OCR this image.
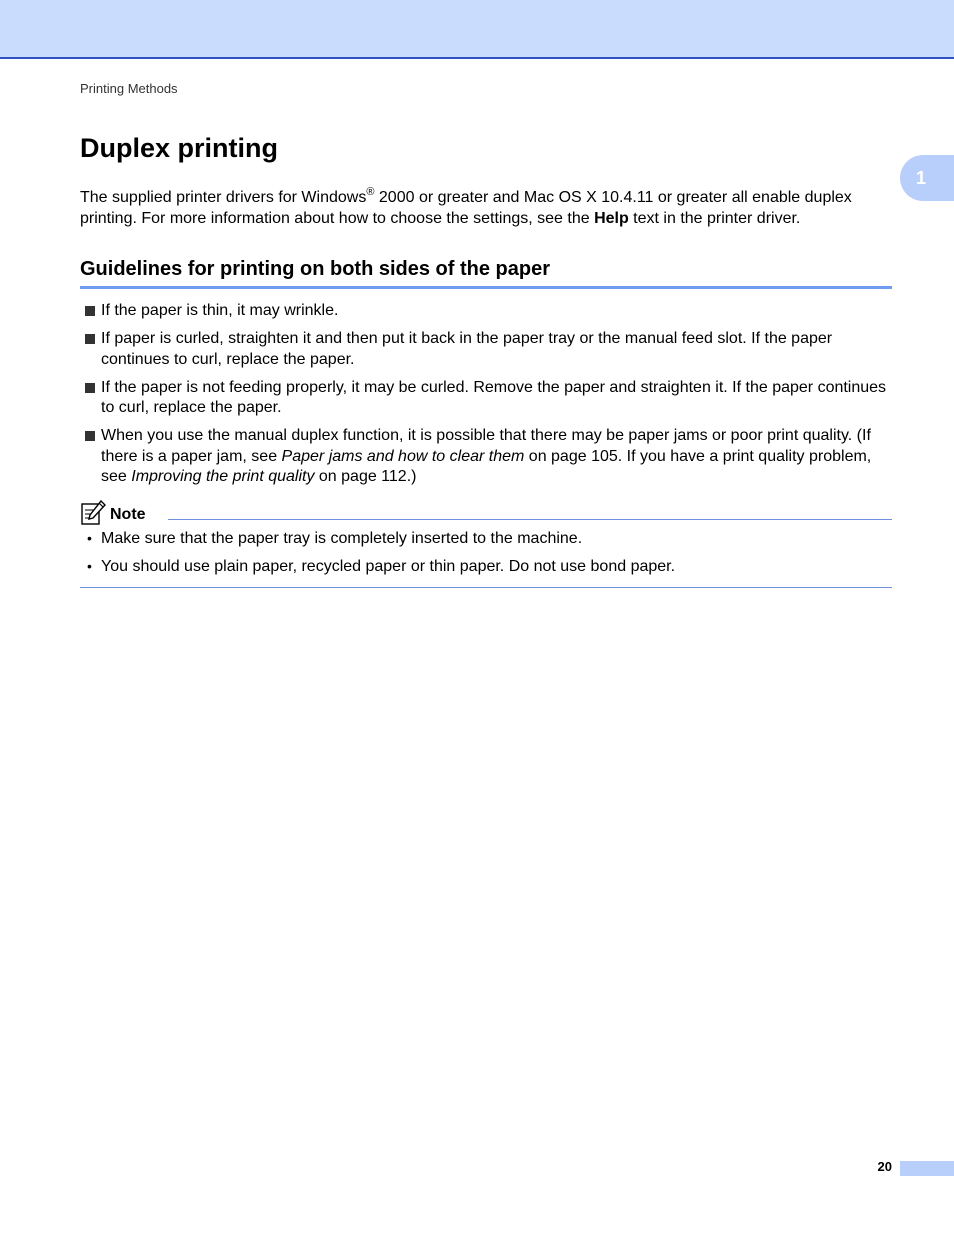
Printing Methods
1
Duplex printing

The supplied printer drivers for Windows® 2000 or greater and Mac OS X 10.4.11 or greater all enable duplex printing. For more information about how to choose the settings, see the Help text in the printer driver.

Guidelines for printing on both sides of the paper
If the paper is thin, it may wrinkle.
If paper is curled, straighten it and then put it back in the paper tray or the manual feed slot. If the paper continues to curl, replace the paper.
If the paper is not feeding properly, it may be curled. Remove the paper and straighten it. If the paper continues to curl, replace the paper.
When you use the manual duplex function, it is possible that there may be paper jams or poor print quality. (If there is a paper jam, see Paper jams and how to clear them on page 105. If you have a print quality problem, see Improving the print quality on page 112.)
Note
• Make sure that the paper tray is completely inserted to the machine.
• You should use plain paper, recycled paper or thin paper. Do not use bond paper.
20
